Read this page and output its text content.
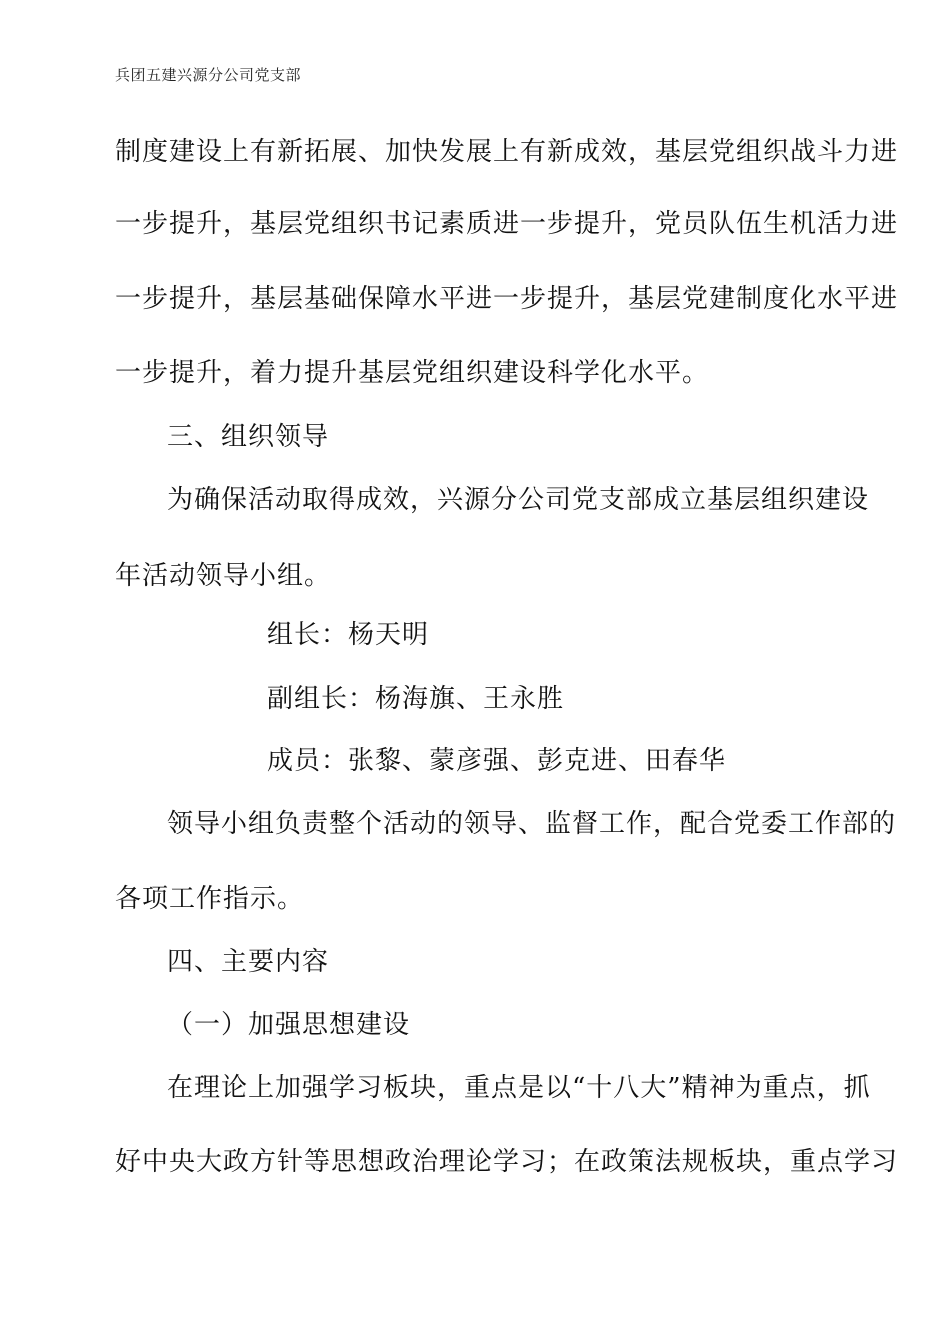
兵团五建兴源分公司党支部
制度建设上有新拓展、加快发展上有新成效，基层党组织战斗力进
一步提升，基层党组织书记素质进一步提升，党员队伍生机活力进
一步提升，基层基础保障水平进一步提升，基层党建制度化水平进
一步提升，着力提升基层党组织建设科学化水平。
三、组织领导
为确保活动取得成效，兴源分公司党支部成立基层组织建设
年活动领导小组。
组长：杨天明
副组长：杨海旗、王永胜
成员：张黎、蒙彦强、彭克进、田春华
领导小组负责整个活动的领导、监督工作，配合党委工作部的
各项工作指示。
四、主要内容
（一）加强思想建设
在理论上加强学习板块，重点是以“十八大”精神为重点，抓
好中央大政方针等思想政治理论学习；在政策法规板块，重点学习
